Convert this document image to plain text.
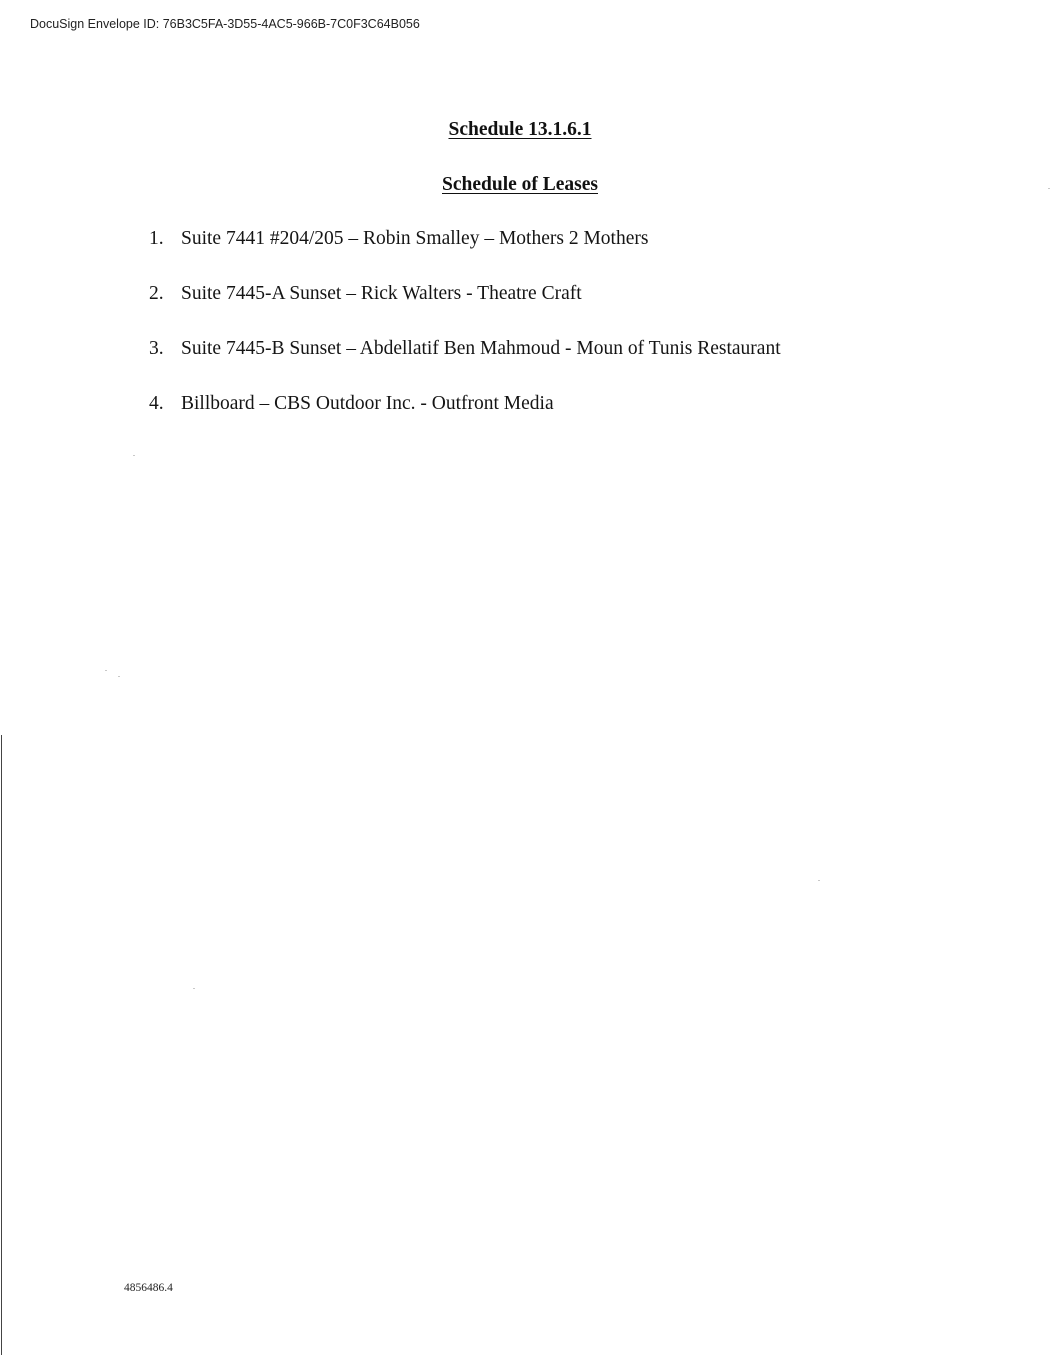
DocuSign Envelope ID: 76B3C5FA-3D55-4AC5-966B-7C0F3C64B056
Schedule 13.1.6.1
Schedule of Leases
1. Suite 7441 #204/205 – Robin Smalley – Mothers 2 Mothers
2. Suite 7445-A Sunset – Rick Walters - Theatre Craft
3. Suite 7445-B Sunset – Abdellatif Ben Mahmoud - Moun of Tunis Restaurant
4. Billboard – CBS Outdoor Inc. - Outfront Media
4856486.4
